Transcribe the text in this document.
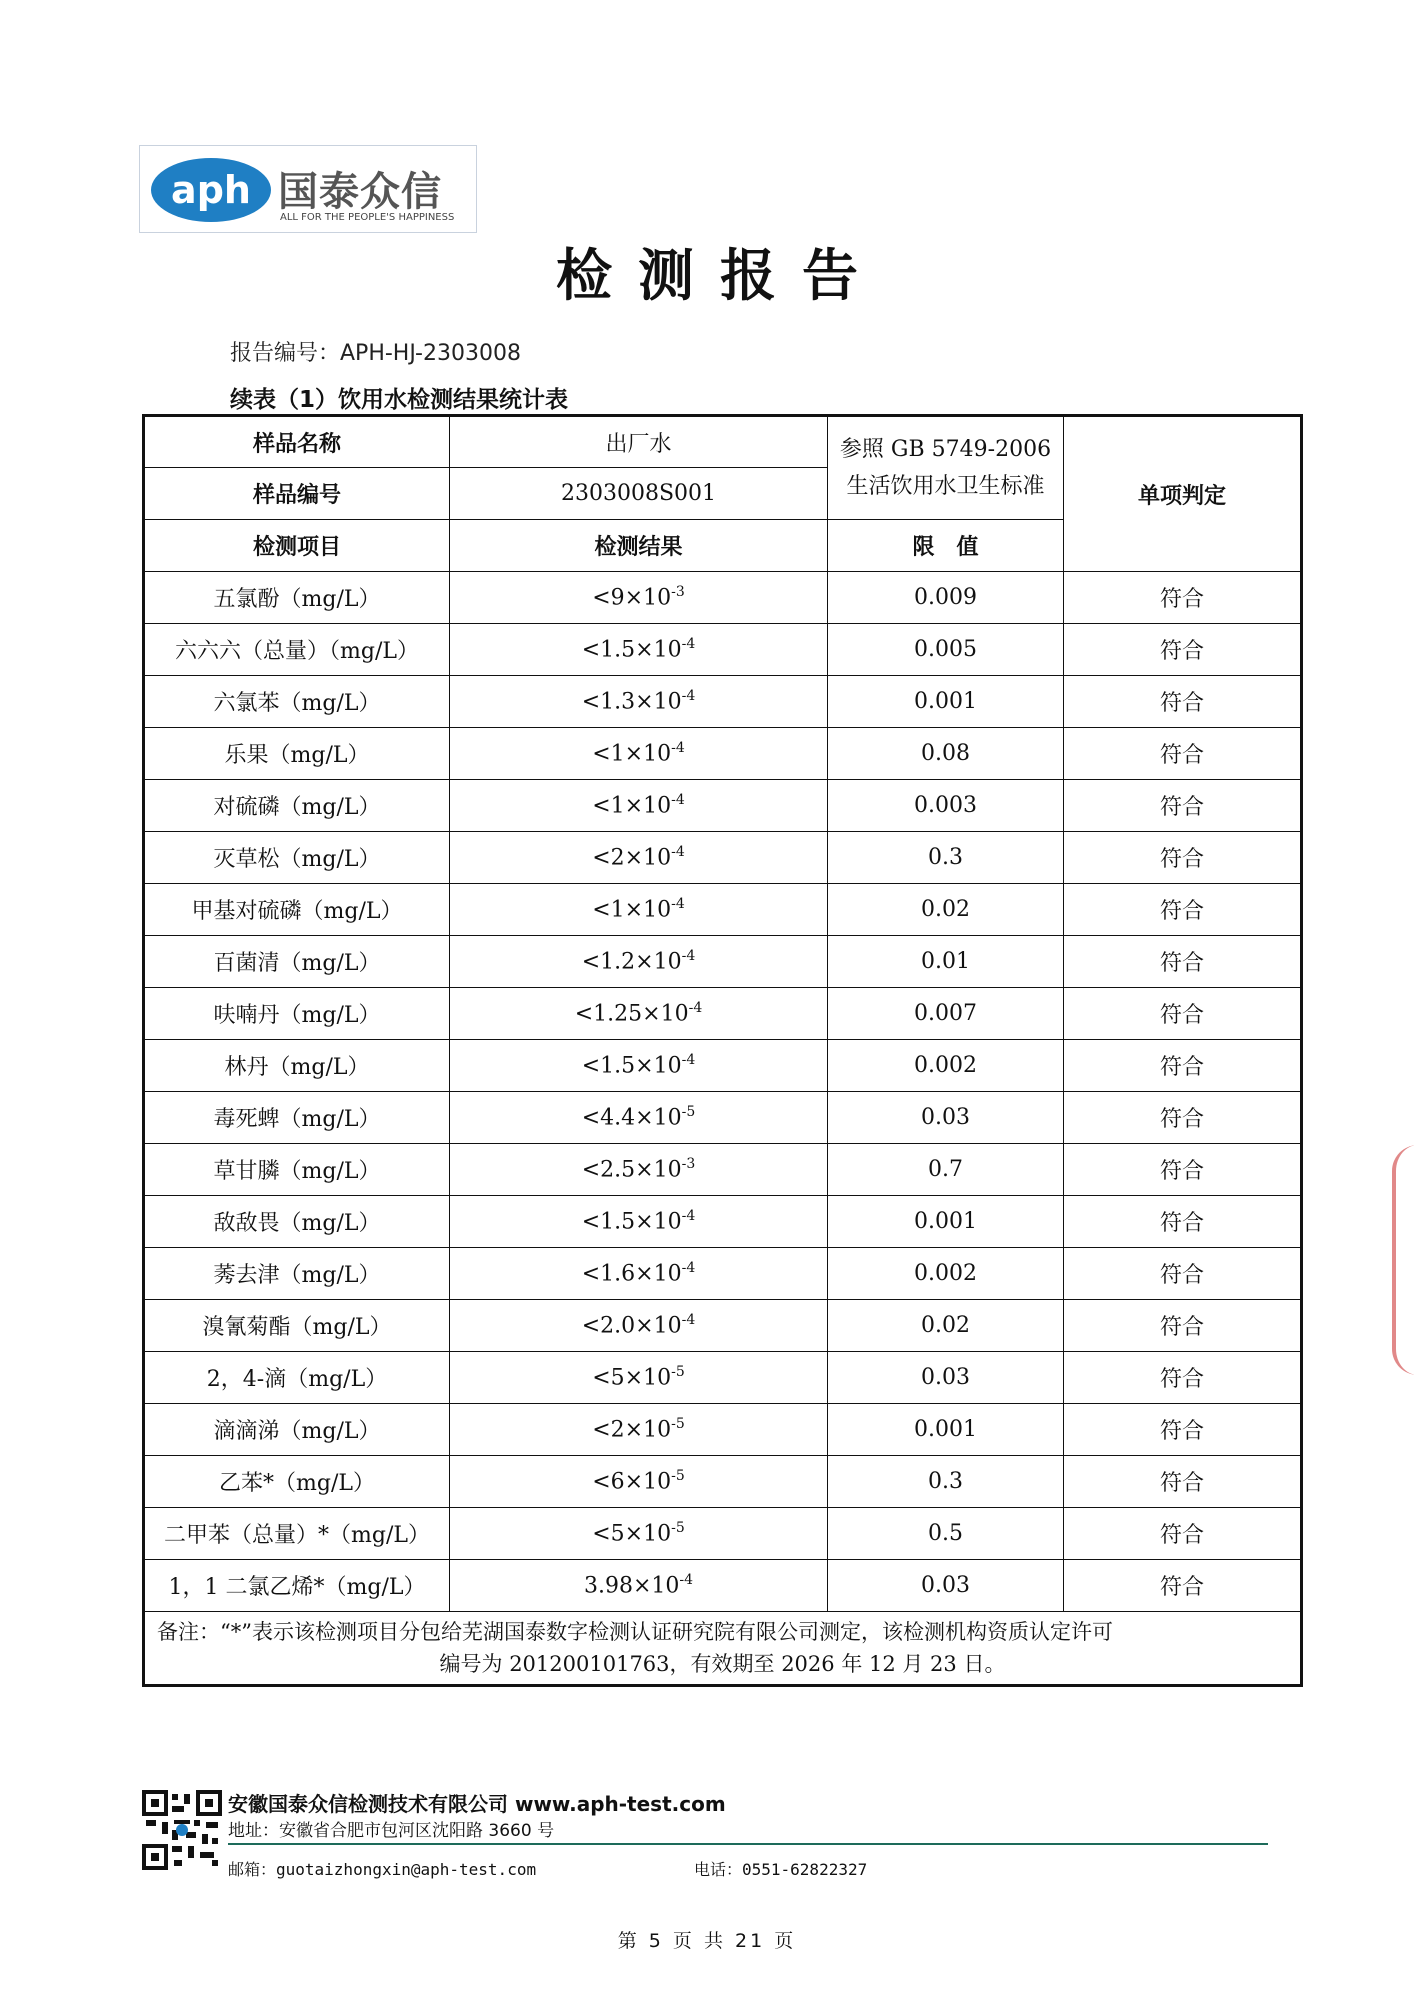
aph 国泰众信
ALL FOR THE PEOPLE'S HAPPINESS
检测报告
报告编号：APH-HJ-2303008
续表（1）饮用水检测结果统计表
样品名称	出厂水	参照 GB 5749-2006 生活饮用水卫生标准	单项判定
样品编号	2303008S001		
检测项目	检测结果	限　值	
五氯酚（mg/L）	$<9\times 10^{-3}$	0.009	符合
六六六（总量）（mg/L）	$<1.5\times 10^{-4}$	0.005	符合
六氯苯（mg/L）	$<1.3\times 10^{-4}$	0.001	符合
乐果（mg/L）	$<1\times 10^{-4}$	0.08	符合
对硫磷（mg/L）	$<1\times 10^{-4}$	0.003	符合
灭草松（mg/L）	$<2\times 10^{-4}$	0.3	符合
甲基对硫磷（mg/L）	$<1\times 10^{-4}$	0.02	符合
百菌清（mg/L）	$<1.2\times 10^{-4}$	0.01	符合
呋喃丹（mg/L）	$<1.25\times 10^{-4}$	0.007	符合
林丹（mg/L）	$<1.5\times 10^{-4}$	0.002	符合
毒死蜱（mg/L）	$<4.4\times 10^{-5}$	0.03	符合
草甘膦（mg/L）	$<2.5\times 10^{-3}$	0.7	符合
敌敌畏（mg/L）	$<1.5\times 10^{-4}$	0.001	符合
莠去津（mg/L）	$<1.6\times 10^{-4}$	0.002	符合
溴氰菊酯（mg/L）	$<2.0\times 10^{-4}$	0.02	符合
2，4-滴（mg/L）	$<5\times 10^{-5}$	0.03	符合
滴滴涕（mg/L）	$<2\times 10^{-5}$	0.001	符合
乙苯*（mg/L）	$<6\times 10^{-5}$	0.3	符合
二甲苯（总量）*（mg/L）	$<5\times 10^{-5}$	0.5	符合
1，1 二氯乙烯*（mg/L）	$3.98\times 10^{-4}$	0.03	符合

备注：“*”表示该检测项目分包给芜湖国泰数字检测认证研究院有限公司测定，该检测机构资质认定许可
编号为 201200101763，有效期至 2026 年 12 月 23 日。			
安徽国泰众信检测技术有限公司 www.aph-test.com
地址：安徽省合肥市包河区沈阳路 3660 号
邮箱：guotaizhongxin@aph-test.com	电话：0551-62822327
第 5 页 共 21 页
